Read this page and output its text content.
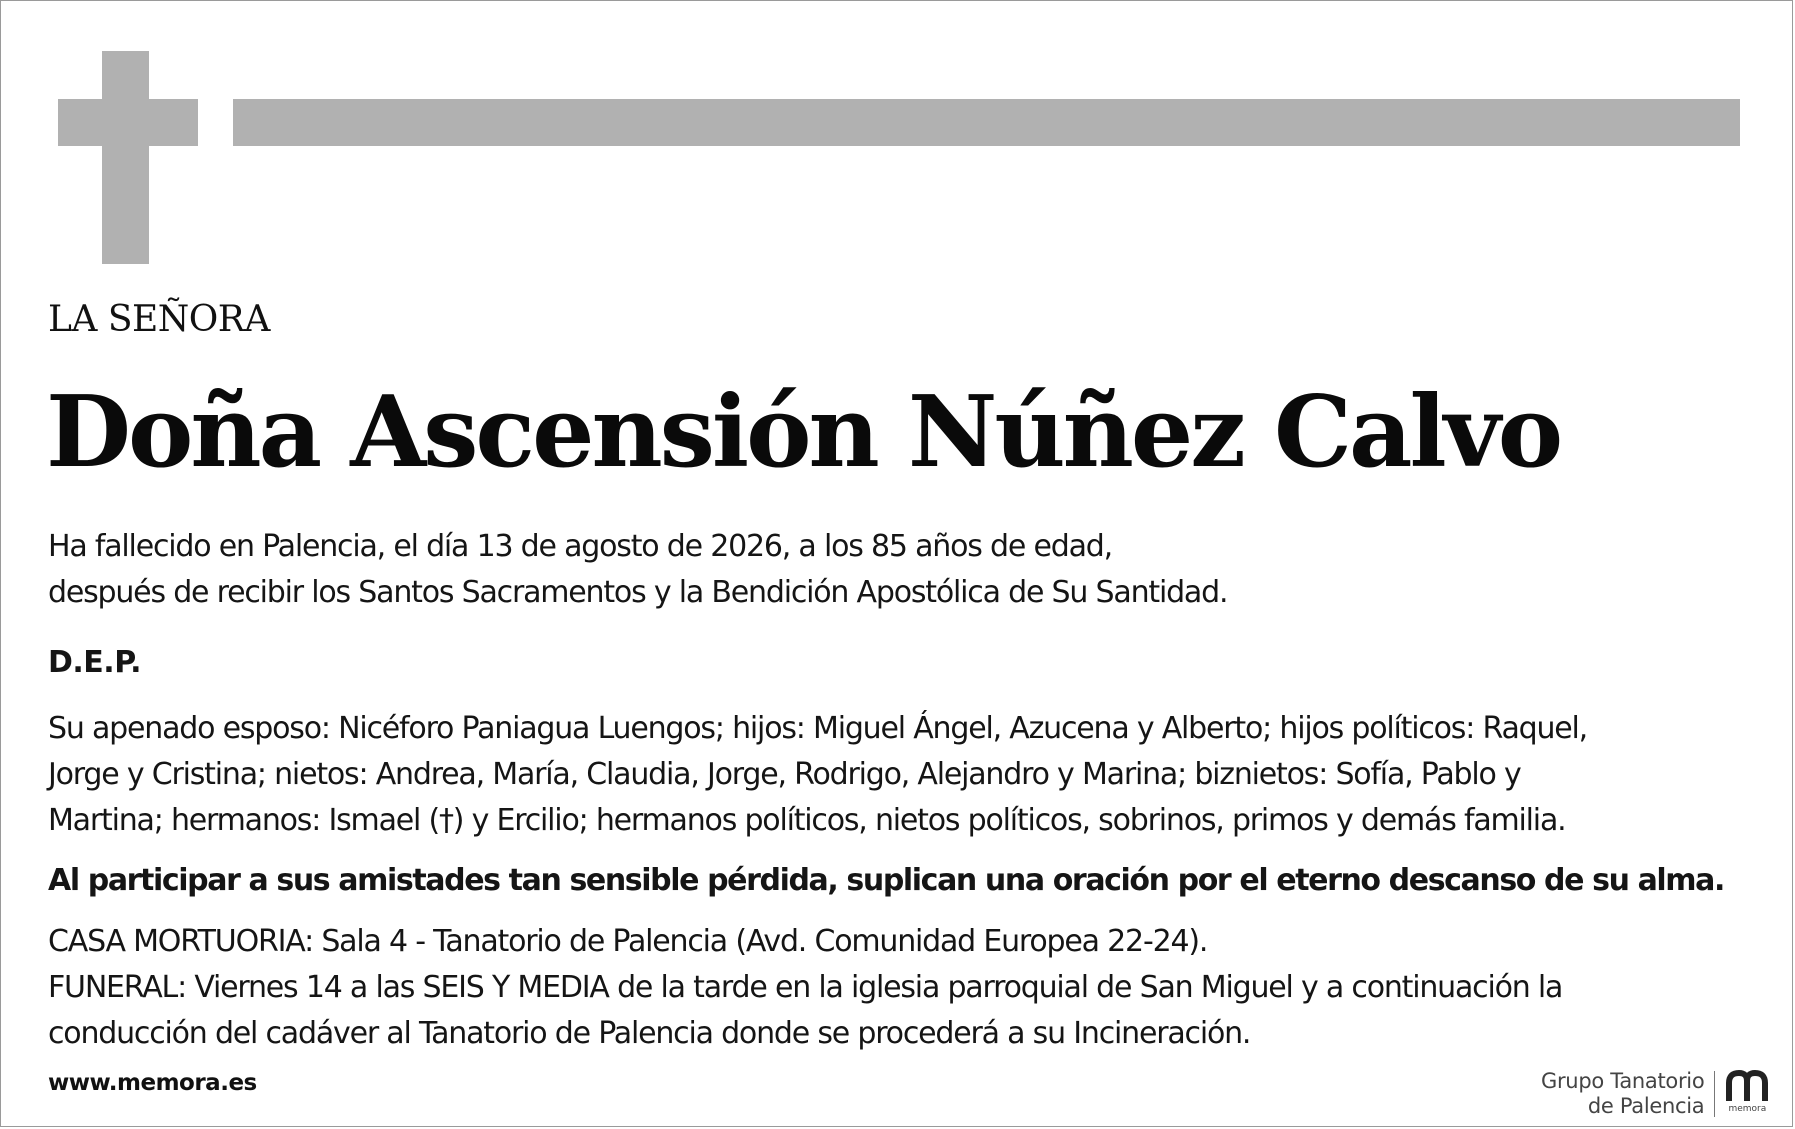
LA SEÑORA
Doña Ascensión Núñez Calvo
Ha fallecido en Palencia, el día 13 de agosto de 2026, a los 85 años de edad,
después de recibir los Santos Sacramentos y la Bendición Apostólica de Su Santidad.
D.E.P.
Su apenado esposo: Nicéforo Paniagua Luengos; hijos: Miguel Ángel, Azucena y Alberto; hijos políticos: Raquel,
Jorge y Cristina; nietos: Andrea, María, Claudia, Jorge, Rodrigo, Alejandro y Marina; biznietos: Sofía, Pablo y
Martina; hermanos: Ismael (†) y Ercilio; hermanos políticos, nietos políticos, sobrinos, primos y demás familia.
Al participar a sus amistades tan sensible pérdida, suplican una oración por el eterno descanso de su alma.
CASA MORTUORIA: Sala 4 - Tanatorio de Palencia (Avd. Comunidad Europea 22-24).
FUNERAL: Viernes 14 a las SEIS Y MEDIA de la tarde en la iglesia parroquial de San Miguel y a continuación la
conducción del cadáver al Tanatorio de Palencia donde se procederá a su Incineración.
www.memora.es	Grupo Tanatorio
de Palencia	memora
